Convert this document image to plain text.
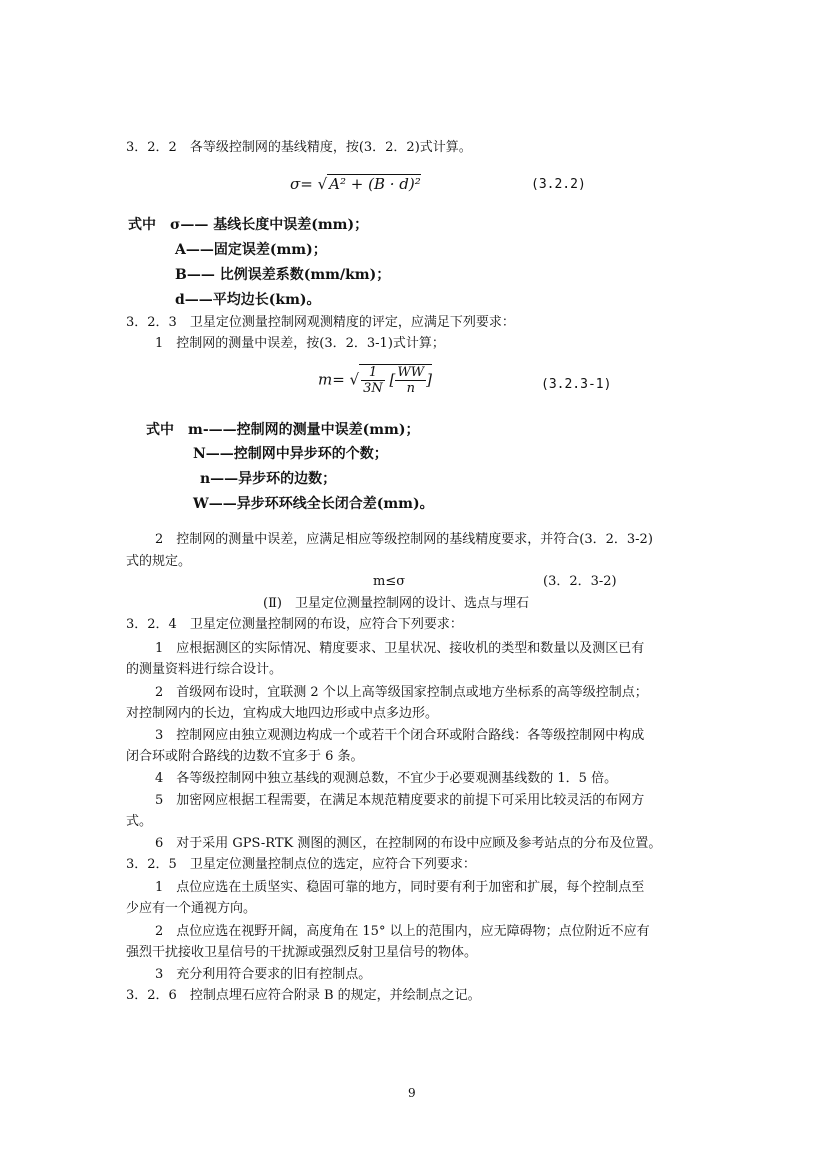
3．2．2　各等级控制网的基线精度，按(3．2．2)式计算。
σ= √ A² + (B · d)²	(3.2.2)
式中　σ—— 基线长度中误差(mm)；
A——固定误差(mm)；
B—— 比例误差系数(mm/km)；
d——平均边长(km)。
3．2．3　卫星定位测量控制网观测精度的评定，应满足下列要求：
1　控制网的测量中误差，按(3．2．3-1)式计算；
m= √ $\frac{1}{3N}$ [ $\frac{WW}{n}$ ]	(3.2.3-1)
式中　m-——控制网的测量中误差(mm)；
N——控制网中异步环的个数；
n——异步环的边数；
W——异步环环线全长闭合差(mm)。
2　控制网的测量中误差，应满足相应等级控制网的基线精度要求，并符合(3．2．3-2)
式的规定。
m≤σ	(3．2．3-2)
(Ⅱ)　卫星定位测量控制网的设计、选点与埋石
3．2．4　卫星定位测量控制网的布设，应符合下列要求：
1　应根据测区的实际情况、精度要求、卫星状况、接收机的类型和数量以及测区已有
的测量资料进行综合设计。
2　首级网布设时，宜联测 2 个以上高等级国家控制点或地方坐标系的高等级控制点；
对控制网内的长边，宜构成大地四边形或中点多边形。
3　控制网应由独立观测边构成一个或若干个闭合环或附合路线：各等级控制网中构成
闭合环或附合路线的边数不宜多于 6 条。
4　各等级控制网中独立基线的观测总数，不宜少于必要观测基线数的 1．5 倍。
5　加密网应根据工程需要，在满足本规范精度要求的前提下可采用比较灵活的布网方
式。
6　对于采用 GPS-RTK 测图的测区，在控制网的布设中应顾及参考站点的分布及位置。
3．2．5　卫星定位测量控制点位的选定，应符合下列要求：
1　点位应选在土质坚实、稳固可靠的地方，同时要有利于加密和扩展，每个控制点至
少应有一个通视方向。
2　点位应选在视野开阔，高度角在 15° 以上的范围内，应无障碍物；点位附近不应有
强烈干扰接收卫星信号的干扰源或强烈反射卫星信号的物体。
3　充分利用符合要求的旧有控制点。
3．2．6　控制点埋石应符合附录 B 的规定，并绘制点之记。
9
